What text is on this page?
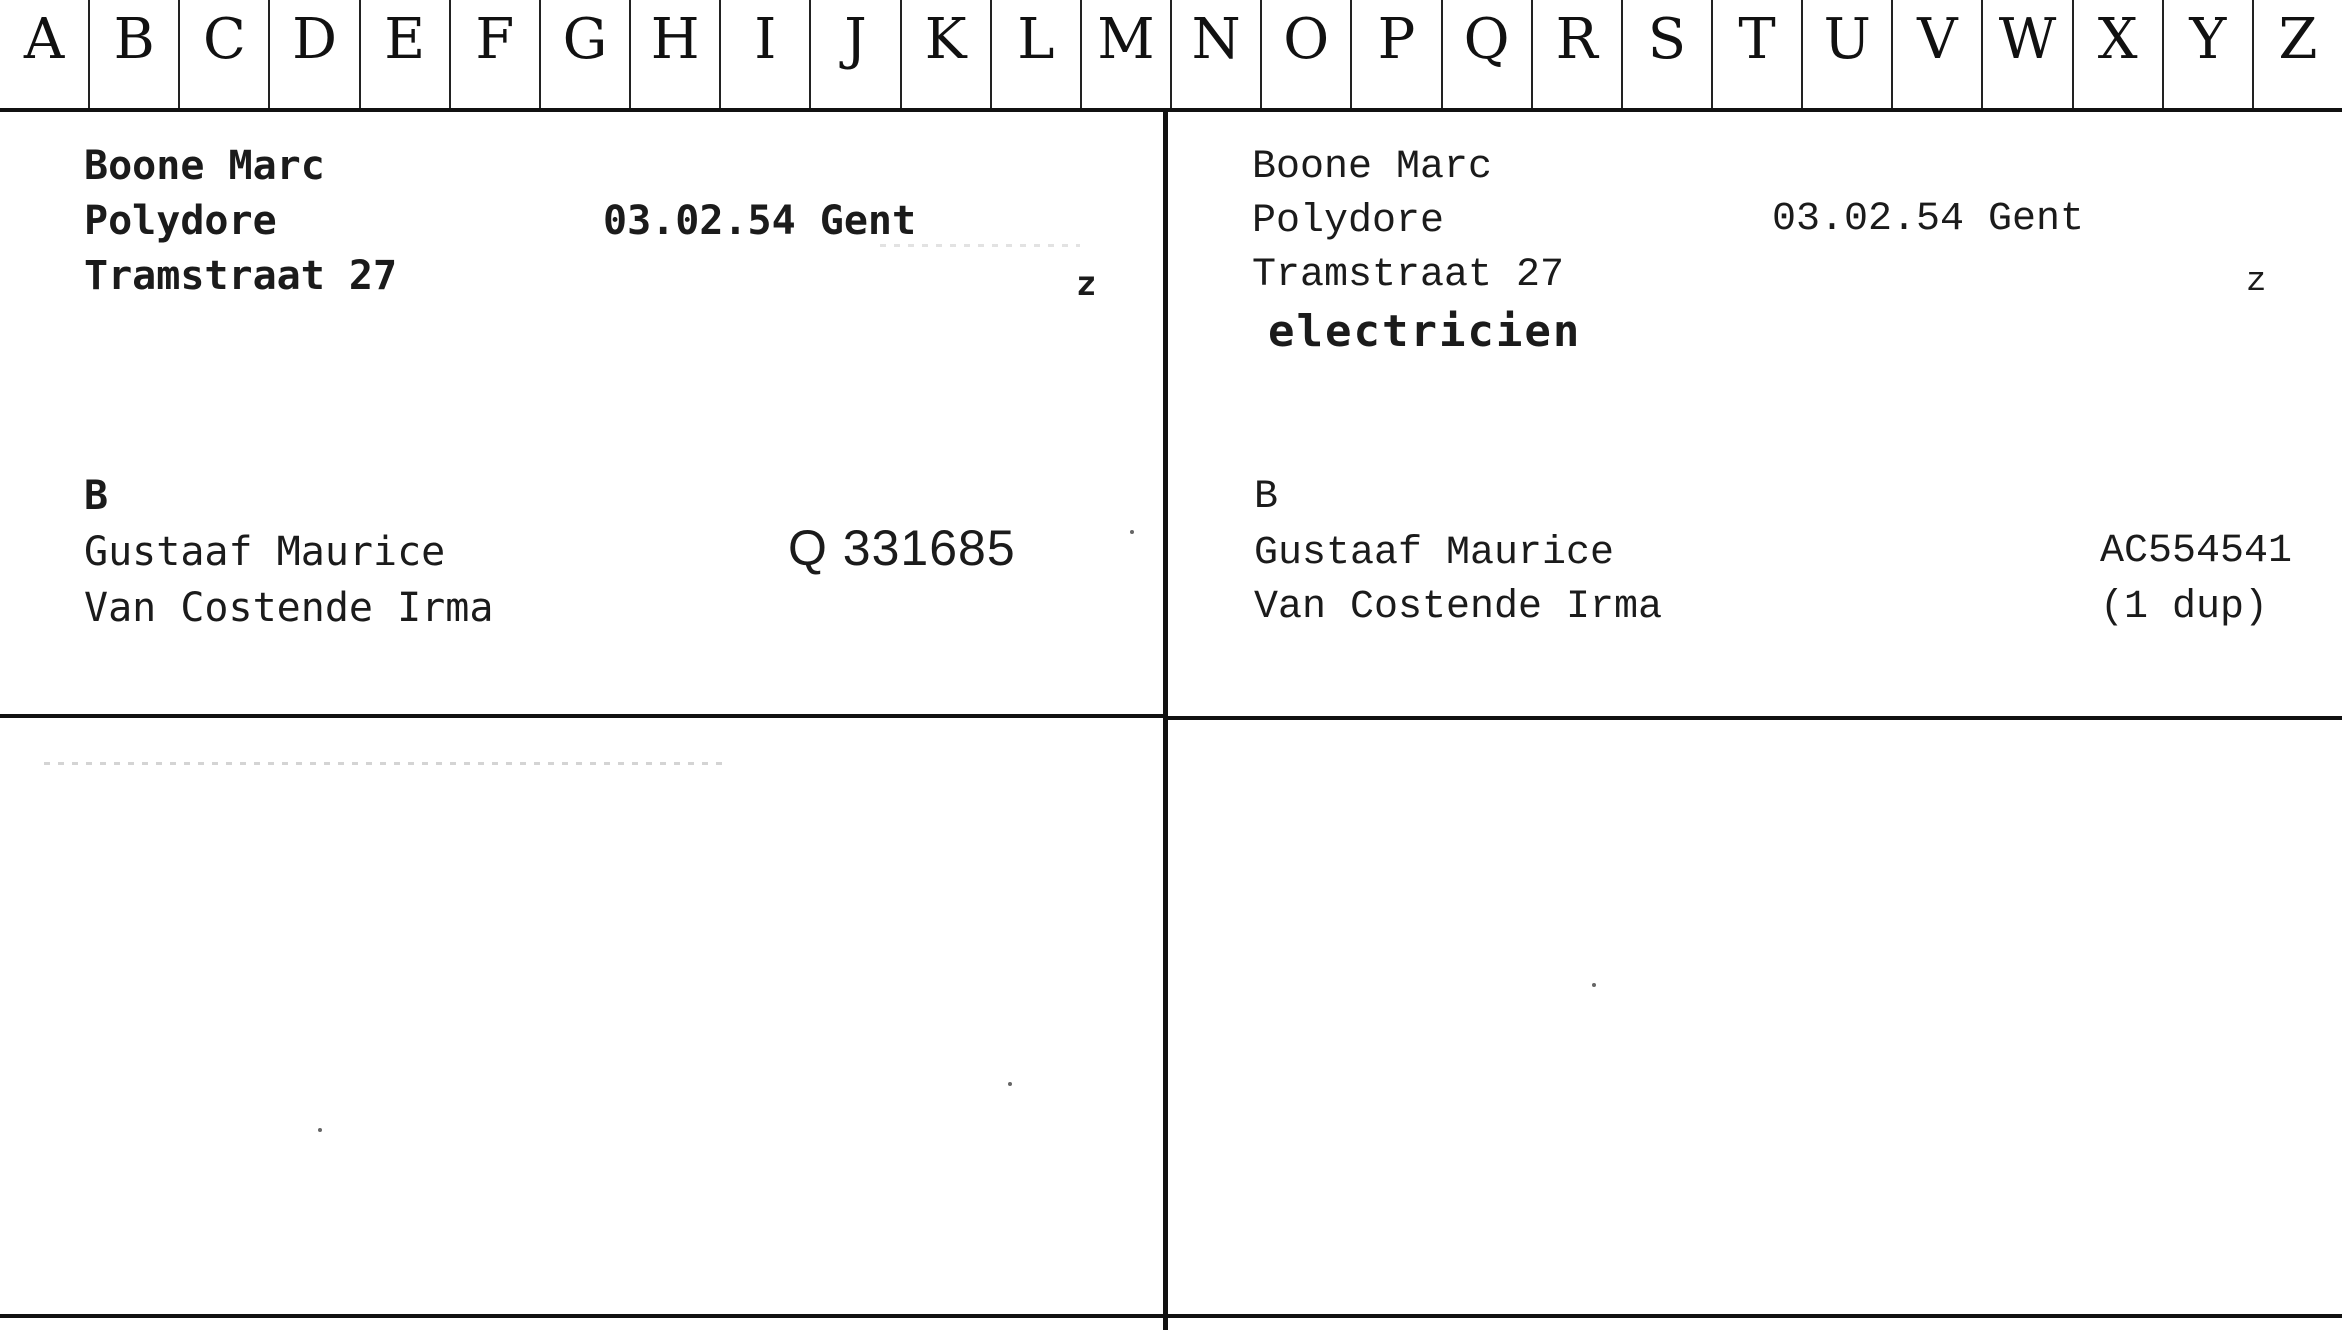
A B C D E F G H I	J	K L M N O P Q R S T U V W X Y Z
Boone Marc
Polydore	03.02.54 Gent
Tramstraat 27	z
B
Gustaaf Maurice	Q 331685
Van Costende Irma
Boone Marc
Polydore	03.02.54 Gent
Tramstraat 27	z
electricien
B
Gustaaf Maurice	AC554541
Van Costende Irma	(1 dup)
